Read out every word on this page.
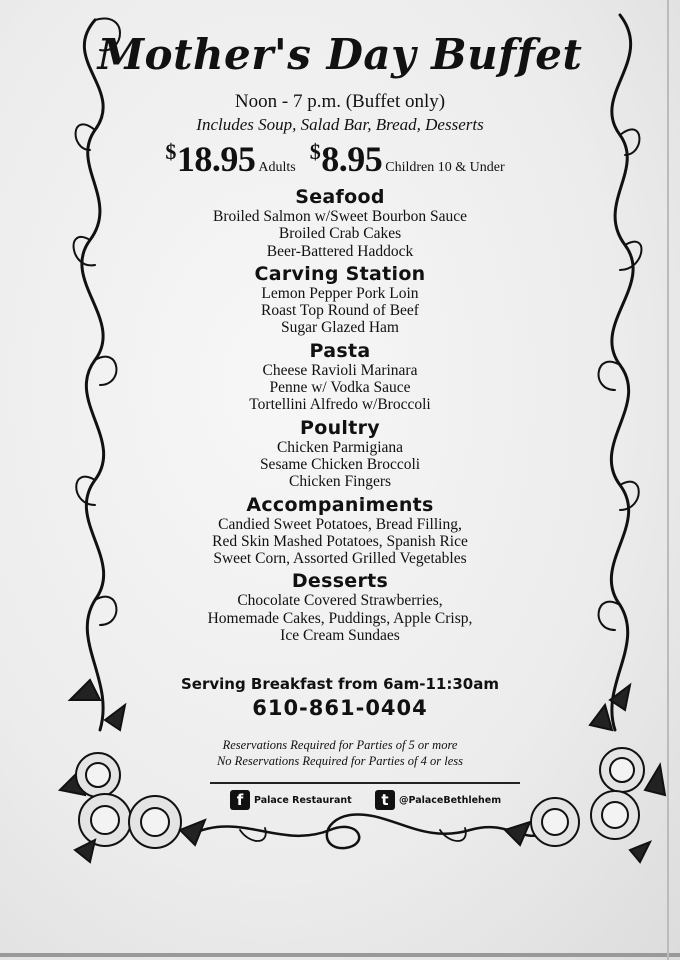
Mother's Day Buffet
Noon - 7 p.m. (Buffet only)
Includes Soup, Salad Bar, Bread, Desserts
$18.95 Adults $8.95 Children 10 & Under
Seafood
Broiled Salmon w/Sweet Bourbon Sauce
Broiled Crab Cakes
Beer-Battered Haddock
Carving Station
Lemon Pepper Pork Loin
Roast Top Round of Beef
Sugar Glazed Ham
Pasta
Cheese Ravioli Marinara
Penne w/ Vodka Sauce
Tortellini Alfredo w/Broccoli
Poultry
Chicken Parmigiana
Sesame Chicken Broccoli
Chicken Fingers
Accompaniments
Candied Sweet Potatoes, Bread Filling,
Red Skin Mashed Potatoes, Spanish Rice
Sweet Corn, Assorted Grilled Vegetables
Desserts
Chocolate Covered Strawberries,
Homemade Cakes, Puddings, Apple Crisp,
Ice Cream Sundaes
Serving Breakfast from 6am-11:30am
610-861-0404
Reservations Required for Parties of 5 or more
No Reservations Required for Parties of 4 or less
f	Palace Restaurant	t	@PalaceBethlehem
